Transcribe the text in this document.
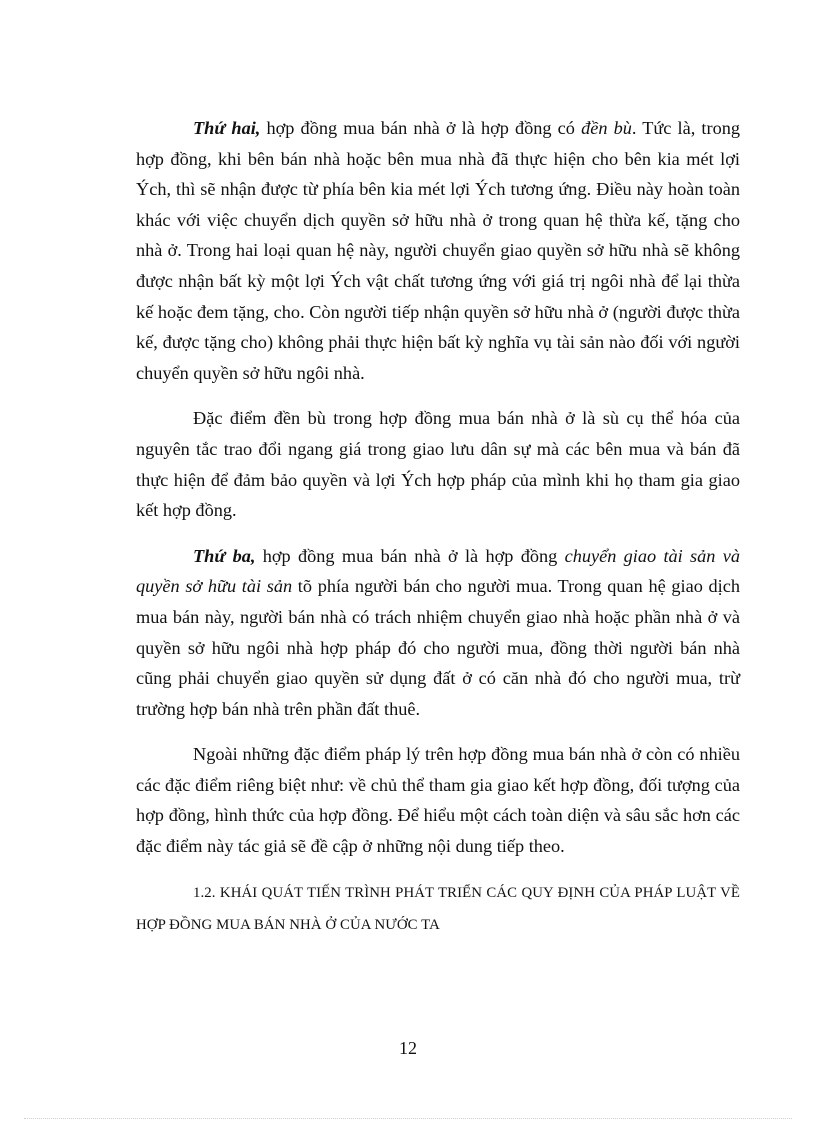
Thứ hai, hợp đồng mua bán nhà ở là hợp đồng có đền bù. Tức là, trong hợp đồng, khi bên bán nhà hoặc bên mua nhà đã thực hiện cho bên kia mét lợi Ých, thì sẽ nhận được từ phía bên kia mét lợi Ých tương ứng. Điều này hoàn toàn khác với việc chuyển dịch quyền sở hữu nhà ở trong quan hệ thừa kế, tặng cho nhà ở. Trong hai loại quan hệ này, người chuyển giao quyền sở hữu nhà sẽ không được nhận bất kỳ một lợi Ých vật chất tương ứng với giá trị ngôi nhà để lại thừa kế hoặc đem tặng, cho. Còn người tiếp nhận quyền sở hữu nhà ở (người được thừa kế, được tặng cho) không phải thực hiện bất kỳ nghĩa vụ tài sản nào đối với người chuyển quyền sở hữu ngôi nhà.

Đặc điểm đền bù trong hợp đồng mua bán nhà ở là sù cụ thể hóa của nguyên tắc trao đổi ngang giá trong giao lưu dân sự mà các bên mua và bán đã thực hiện để đảm bảo quyền và lợi Ých hợp pháp của mình khi họ tham gia giao kết hợp đồng.

Thứ ba, hợp đồng mua bán nhà ở là hợp đồng chuyển giao tài sản và quyền sở hữu tài sản tõ phía người bán cho người mua. Trong quan hệ giao dịch mua bán này, người bán nhà có trách nhiệm chuyển giao nhà hoặc phần nhà ở và quyền sở hữu ngôi nhà hợp pháp đó cho người mua, đồng thời người bán nhà cũng phải chuyển giao quyền sử dụng đất ở có căn nhà đó cho người mua, trừ trường hợp bán nhà trên phần đất thuê.

Ngoài những đặc điểm pháp lý trên hợp đồng mua bán nhà ở còn có nhiều các đặc điểm riêng biệt như: về chủ thể tham gia giao kết hợp đồng, đối tượng của hợp đồng, hình thức của hợp đồng. Để hiểu một cách toàn diện và sâu sắc hơn các đặc điểm này tác giả sẽ đề cập ở những nội dung tiếp theo.

1.2. KHÁI QUÁT TIẾN TRÌNH PHÁT TRIỂN CÁC QUY ĐỊNH CỦA PHÁP LUẬT VỀ HỢP ĐỒNG MUA BÁN NHÀ Ở CỦA NƯỚC TA

12
